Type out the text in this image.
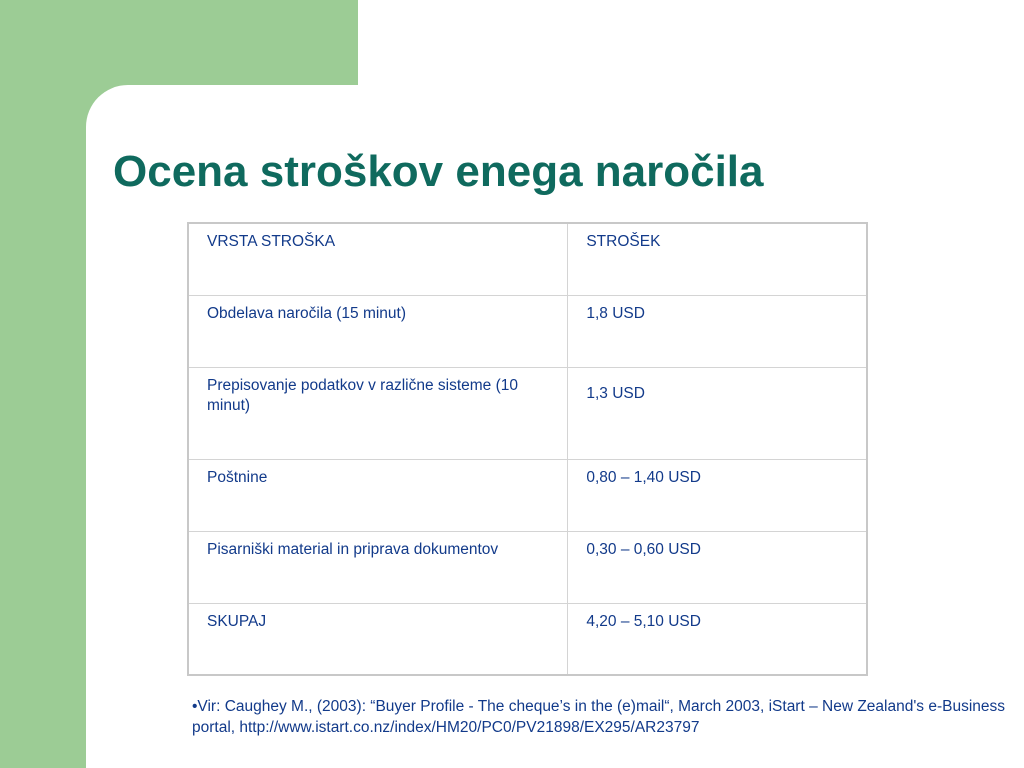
Ocena stroškov enega naročila
VRSTA STROŠKA	STROŠEK
Obdelava naročila (15 minut)	1,8 USD
Prepisovanje podatkov v različne sisteme (10 minut)	1,3 USD
Poštnine	0,80 – 1,40 USD
Pisarniški material in priprava dokumentov	0,30 – 0,60 USD
SKUPAJ	4,20 – 5,10 USD

•Vir: Caughey M., (2003): “Buyer Profile - The cheque’s in the (e)mail“, March 2003, iStart – New Zealand's e-Business portal, http://www.istart.co.nz/index/HM20/PC0/PV21898/EX295/AR23797
